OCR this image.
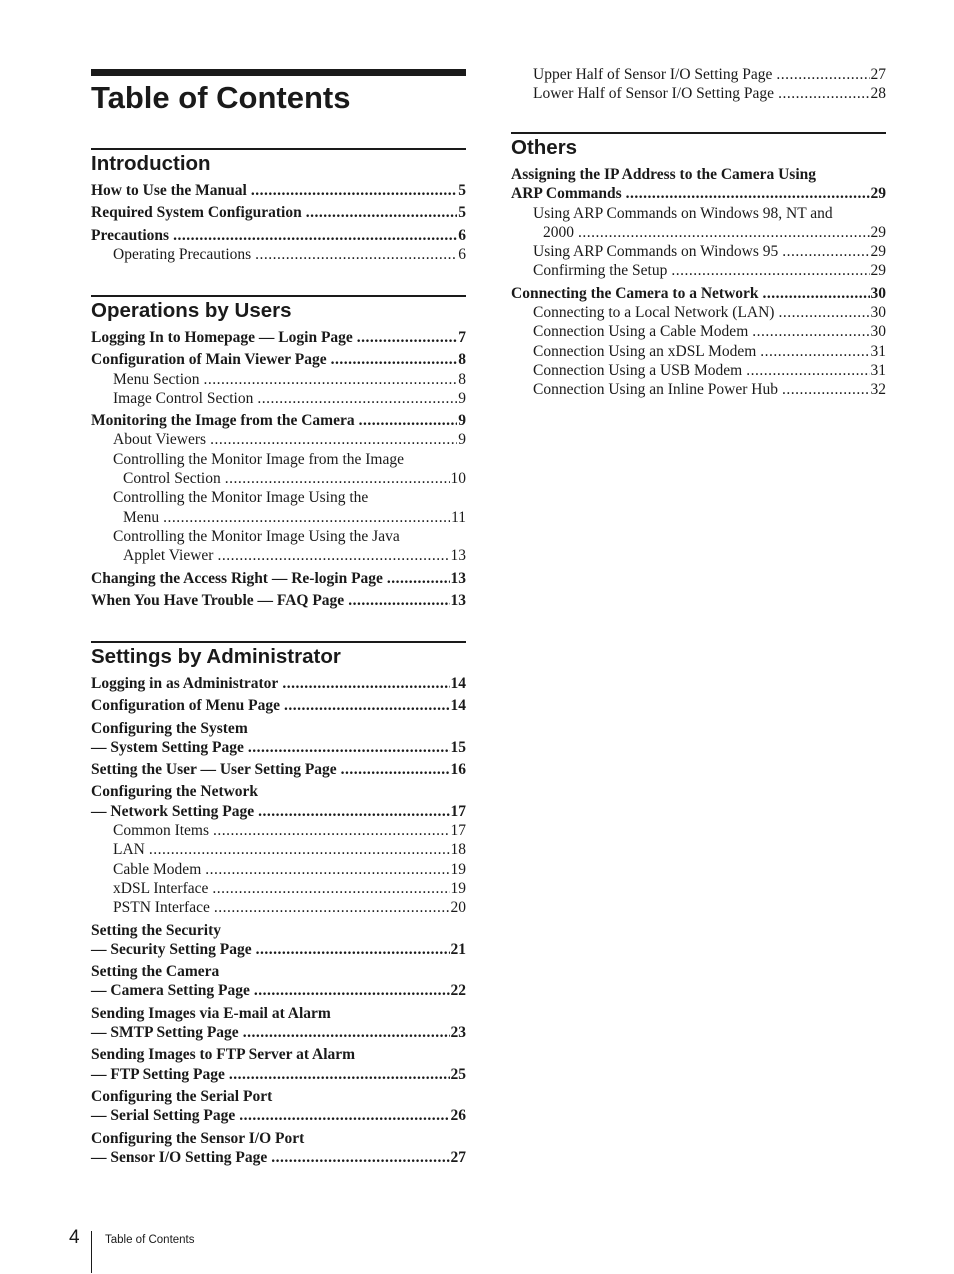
Table of Contents
Introduction
How to Use the Manual .....	5
Required System Configuration .....	5
Precautions .....	6
Operating Precautions .....	6
Operations by Users
Logging In to Homepage — Login Page .....	7
Configuration of Main Viewer Page .....	8
Menu Section .....	8
Image Control Section .....	9
Monitoring the Image from the Camera .....	9
About Viewers .....	9
Controlling the Monitor Image from the Image
Control Section .....	10
Controlling the Monitor Image Using the
Menu .....	11
Controlling the Monitor Image Using the Java
Applet Viewer .....	13
Changing the Access Right — Re-login Page .....	13
When You Have Trouble — FAQ Page .....	13
Settings by Administrator
Logging in as Administrator .....	14
Configuration of Menu Page .....	14
Configuring the System
— System Setting Page .....	15
Setting the User — User Setting Page .....	16
Configuring the Network
— Network Setting Page .....	17
Common Items .....	17
LAN .....	18
Cable Modem .....	19
xDSL Interface .....	19
PSTN Interface .....	20
Setting the Security
— Security Setting Page .....	21
Setting the Camera
— Camera Setting Page .....	22
Sending Images via E-mail at Alarm
— SMTP Setting Page .....	23
Sending Images to FTP Server at Alarm
— FTP Setting Page .....	25
Configuring the Serial Port
— Serial Setting Page .....	26
Configuring the Sensor I/O Port
— Sensor I/O Setting Page .....	27
Upper Half of Sensor I/O Setting Page .....	27
Lower Half of Sensor I/O Setting Page .....	28
Others
Assigning the IP Address to the Camera Using
ARP Commands .....	29
Using ARP Commands on Windows 98, NT and
2000 .....	29
Using ARP Commands on Windows 95 .....	29
Confirming the Setup .....	29
Connecting the Camera to a Network .....	30
Connecting to a Local Network (LAN) .....	30
Connection Using a Cable Modem .....	30
Connection Using an xDSL Modem .....	31
Connection Using a USB Modem .....	31
Connection Using an Inline Power Hub .....	32
4 Table of Contents
